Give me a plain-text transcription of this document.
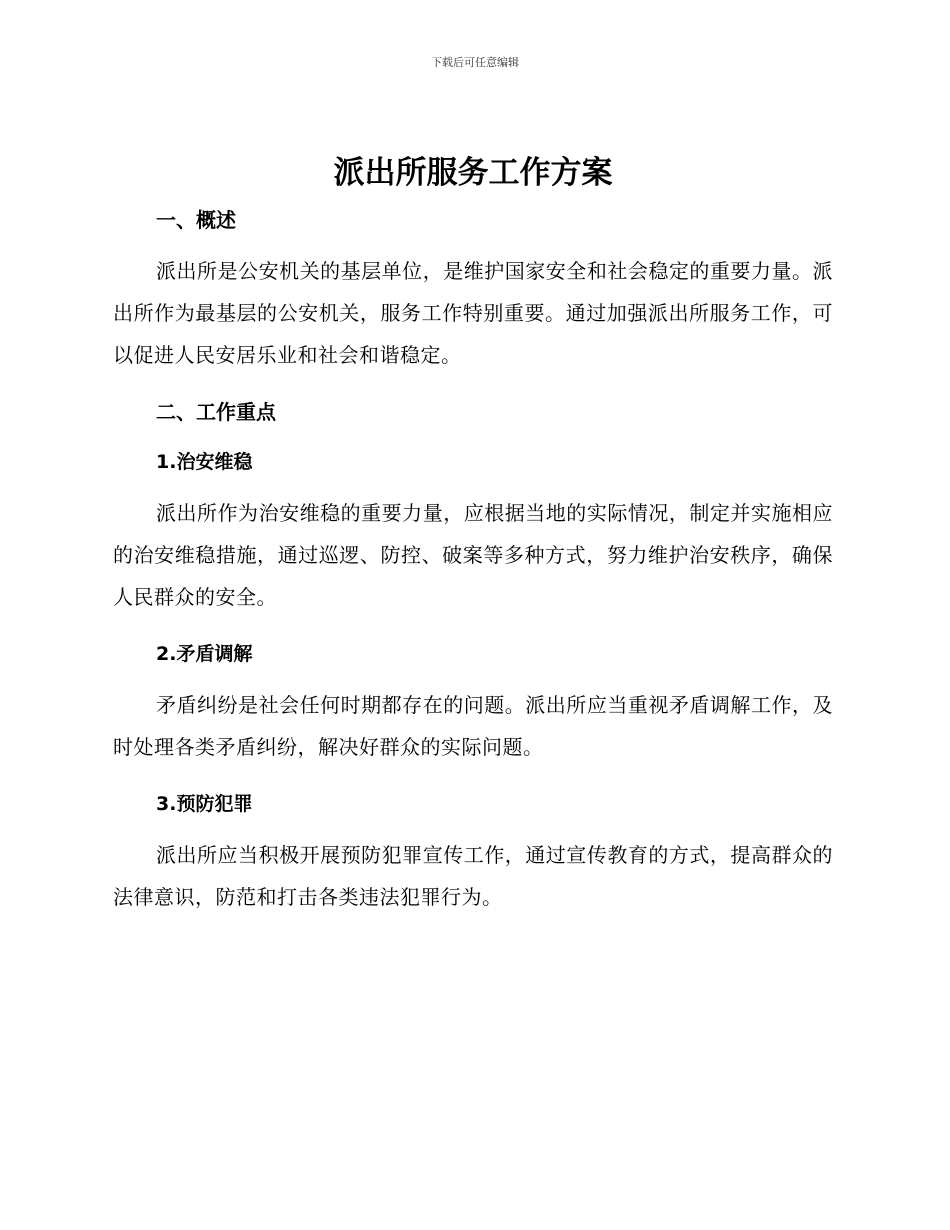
下载后可任意编辑
派出所服务工作方案
一、概述

派出所是公安机关的基层单位，是维护国家安全和社会稳定的重要力量。派出所作为最基层的公安机关，服务工作特别重要。通过加强派出所服务工作，可以促进人民安居乐业和社会和谐稳定。

二、工作重点
1.治安维稳

派出所作为治安维稳的重要力量，应根据当地的实际情况，制定并实施相应的治安维稳措施，通过巡逻、防控、破案等多种方式，努力维护治安秩序，确保人民群众的安全。

2.矛盾调解

矛盾纠纷是社会任何时期都存在的问题。派出所应当重视矛盾调解工作，及时处理各类矛盾纠纷，解决好群众的实际问题。

3.预防犯罪

派出所应当积极开展预防犯罪宣传工作，通过宣传教育的方式，提高群众的法律意识，防范和打击各类违法犯罪行为。
